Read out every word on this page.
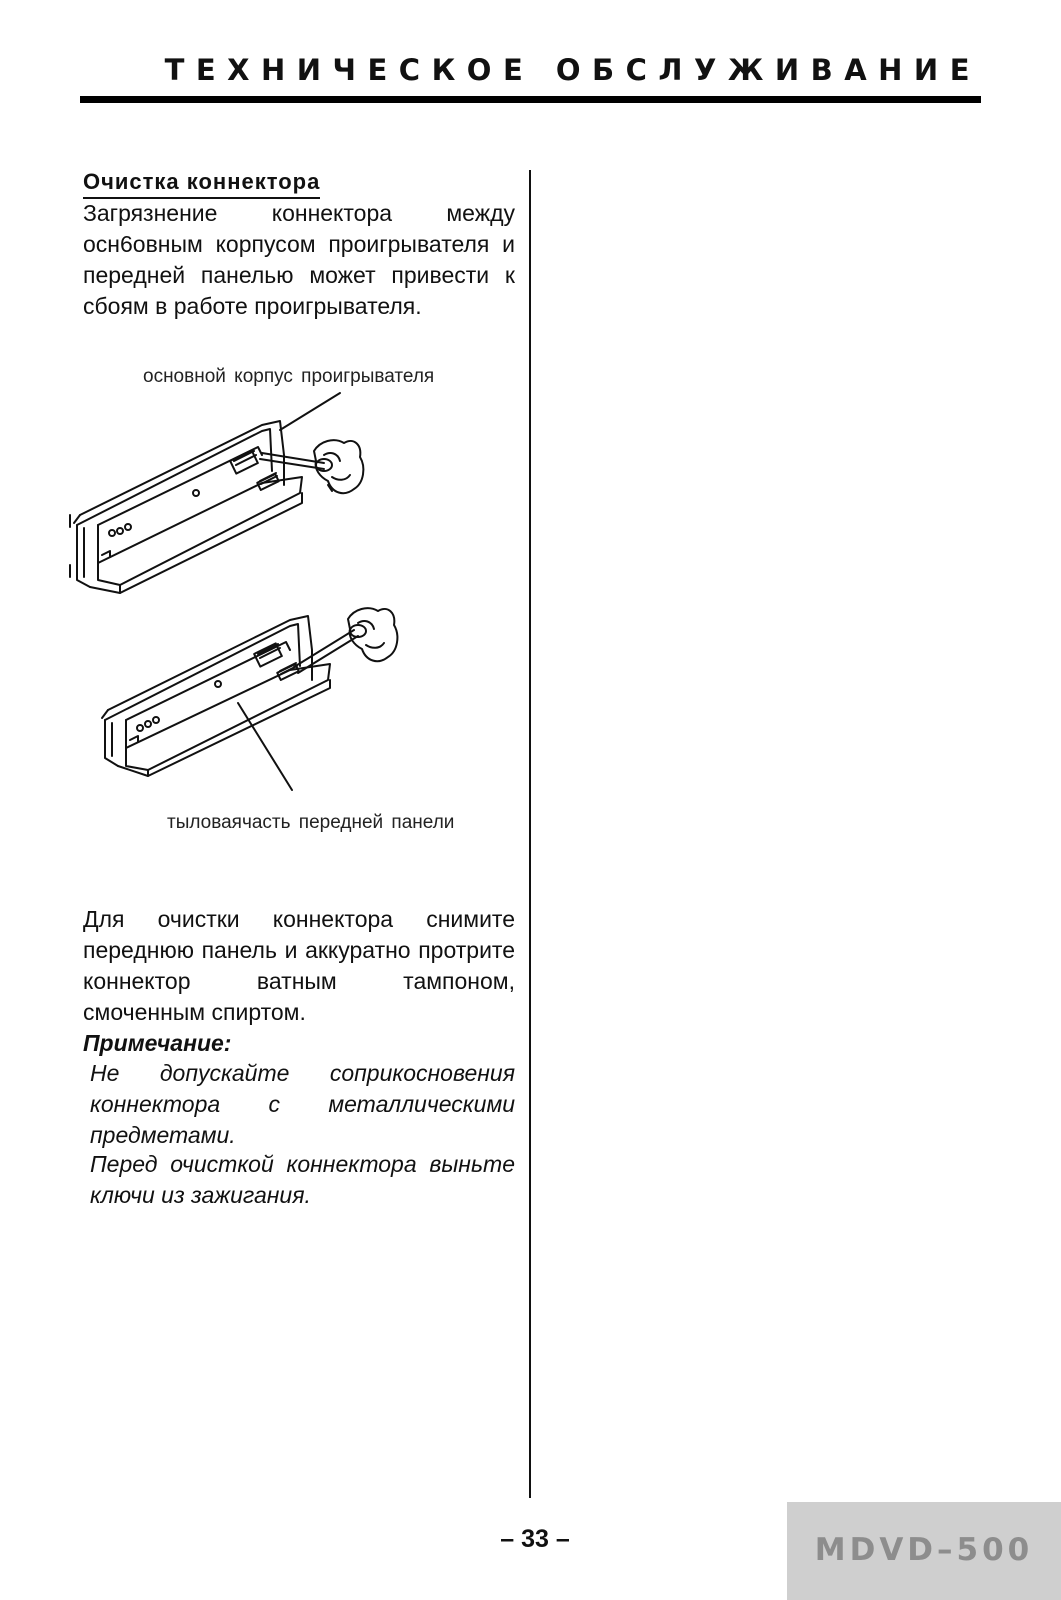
ТЕХНИЧЕСКОЕ ОБСЛУЖИВАНИЕ
Очистка коннектора

Загрязнение коннектора между осн6овным корпусом проигрывателя и передней панелью может привести к сбоям в работе проигрывателя.

основной корпус проигрывателя
тыловаячасть передней панели

Для очистки коннектора снимите переднюю панель и аккуратно протрите коннектор ватным тампоном, смоченным спиртом.

Примечание:

Не допускайте соприкосновения коннектора с металлическими предметами.

Перед очисткой коннектора выньте ключи из зажигания.

– 33 –	MDVD–500
